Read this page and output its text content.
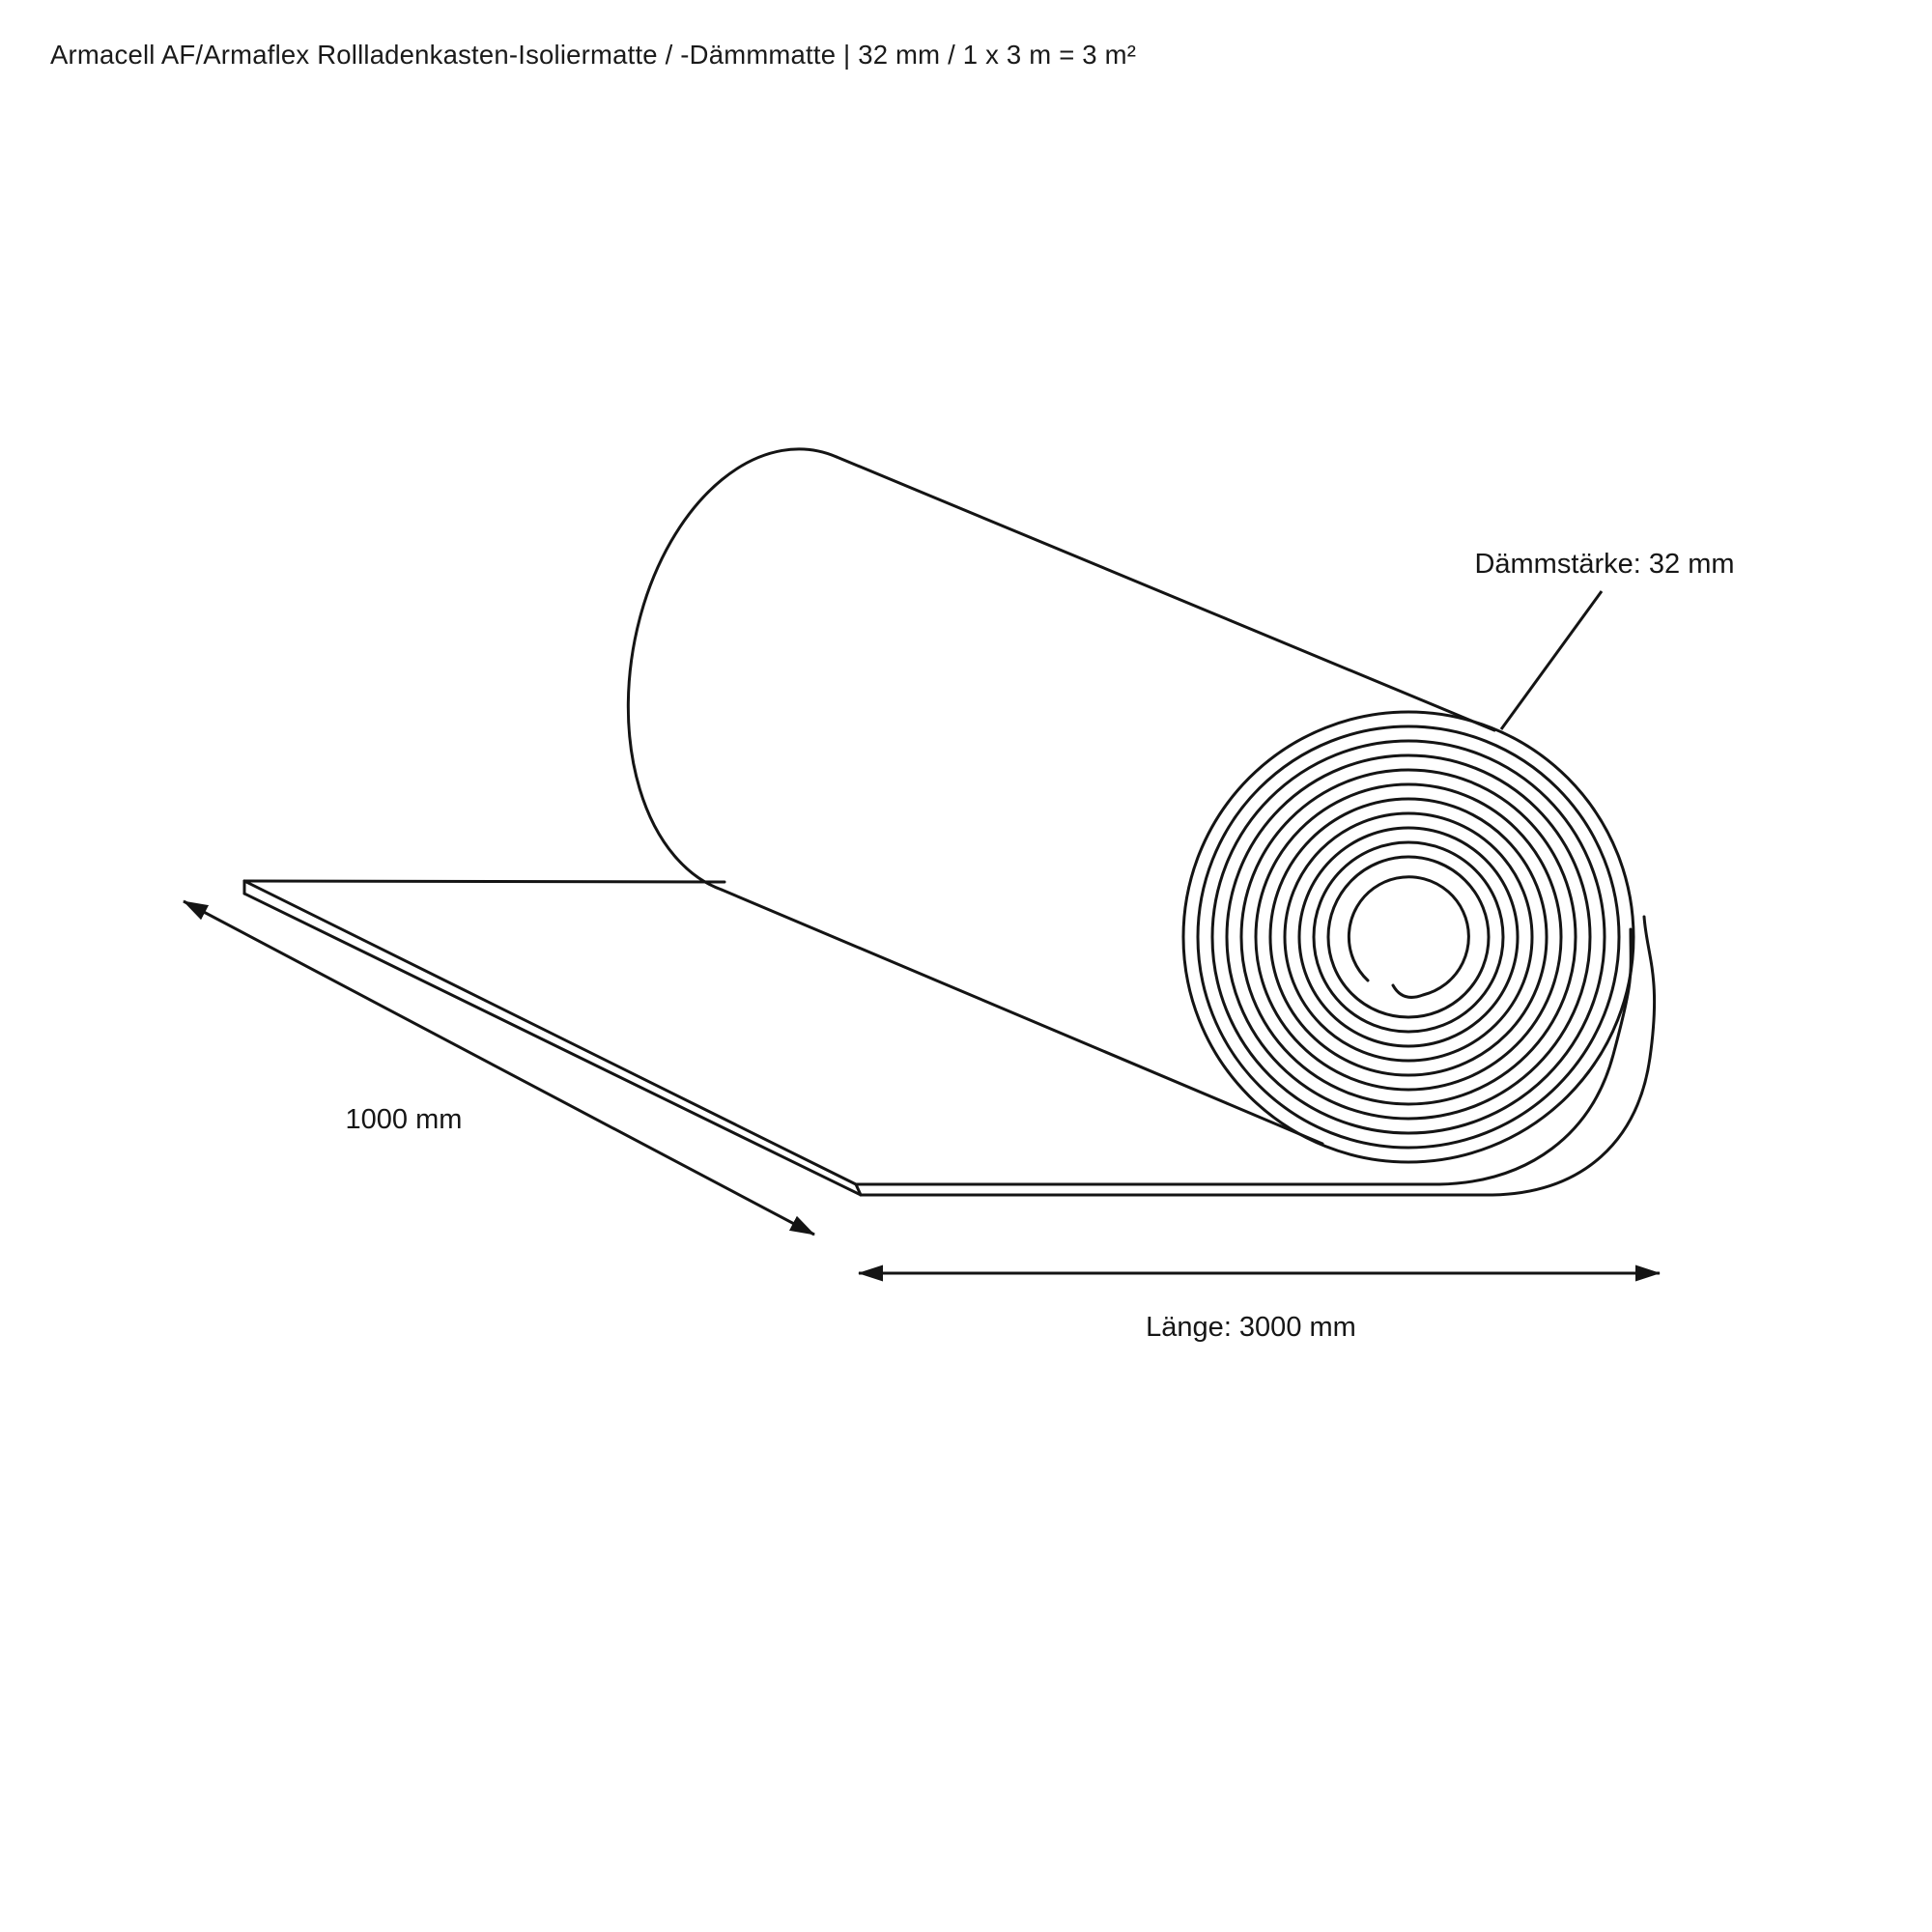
Armacell AF/Armaflex Rollladenkasten-Isoliermatte / -Dämmmatte | 32 mm / 1 x 3 m = 3 m²
1000 mm
Länge: 3000 mm
Dämmstärke: 32 mm
